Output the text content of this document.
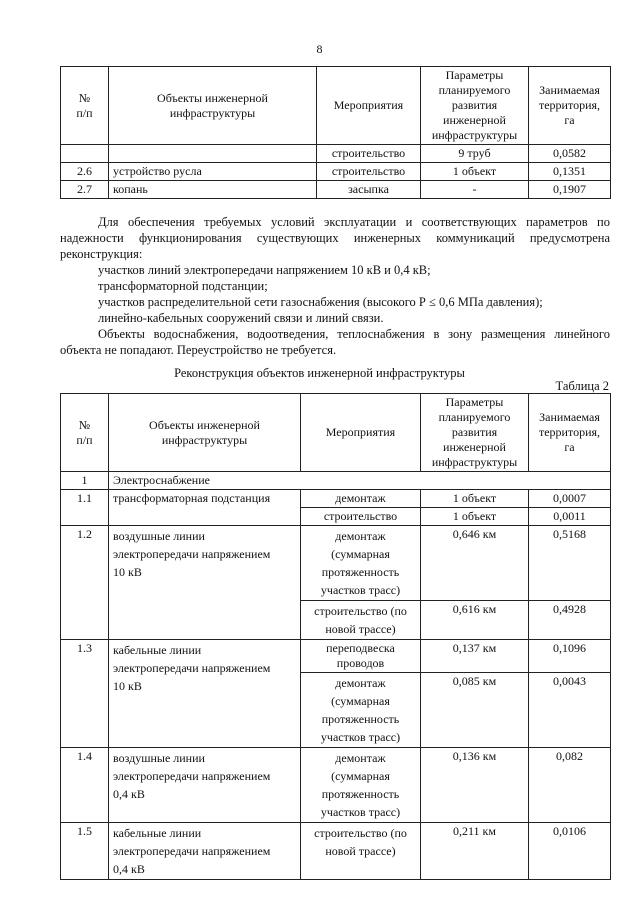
8
№
п/п	Объекты инженерной
инфраструктуры	Мероприятия	Параметры
планируемого
развития
инженерной
инфраструктуры	Занимаемая
территория,
га
		строительство	9 труб	0,0582
2.6	устройство русла	строительство	1 объект	0,1351
2.7	копань	засыпка	-	0,1907

Для обеспечения требуемых условий эксплуатации и соответствующих параметров по надежности функционирования существующих инженерных коммуникаций предусмотрена реконструкция:

участков линий электропередачи напряжением 10 кВ и 0,4 кВ;
трансформаторной подстанции;
участков распределительной сети газоснабжения (высокого Р ≤ 0,6 МПа давления);
линейно-кабельных сооружений связи и линий связи.

Объекты водоснабжения, водоотведения, теплоснабжения в зону размещения линейного объекта не попадают. Переустройство не требуется.

Реконструкция объектов инженерной инфраструктуры
Таблица 2
№
п/п	Объекты инженерной
инфраструктуры	Мероприятия	Параметры
планируемого
развития
инженерной
инфраструктуры	Занимаемая
территория,
га
1	Электроснабжение			
1.1	трансформаторная подстанция	демонтаж	1 объект	0,0007
		строительство	1 объект	0,0011
1.2	воздушные линии
электропередачи напряжением
10 кВ	демонтаж
(суммарная
протяженность
участков трасс)	0,646 км	0,5168
		строительство (по
новой трассе)	0,616 км	0,4928
1.3	кабельные линии
электропередачи напряжением
10 кВ	переподвеска
проводов	0,137 км	0,1096
		демонтаж
(суммарная
протяженность
участков трасс)	0,085 км	0,0043
1.4	воздушные линии
электропередачи напряжением
0,4 кВ	демонтаж
(суммарная
протяженность
участков трасс)	0,136 км	0,082
1.5	кабельные линии
электропередачи напряжением
0,4 кВ	строительство (по
новой трассе)	0,211 км	0,0106
